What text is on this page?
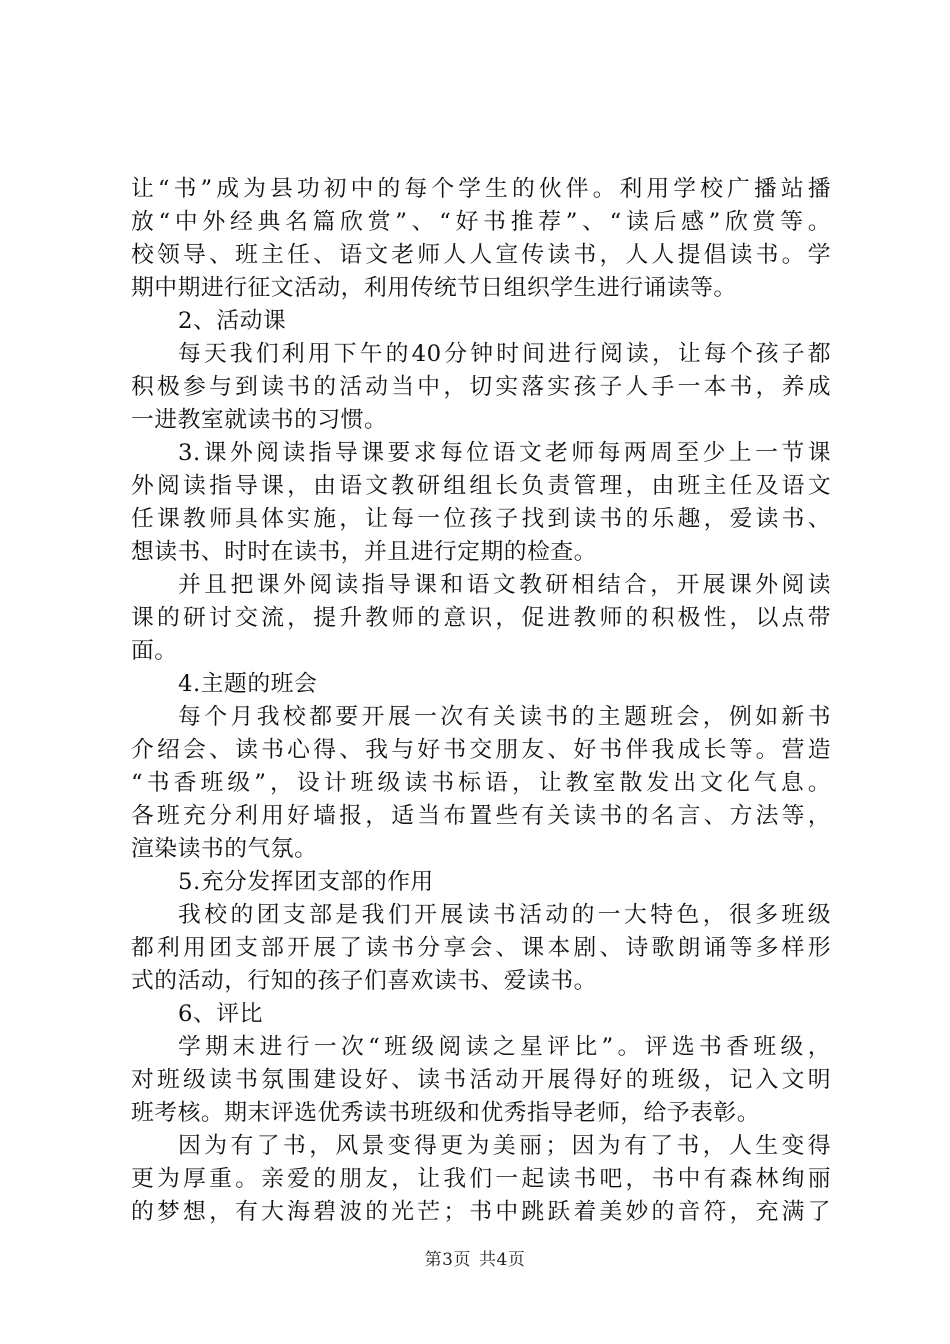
让“书”成为县功初中的每个学生的伙伴。利用学校广播站播
放“中外经典名篇欣赏”、“好书推荐”、“读后感”欣赏等。
校领导、班主任、语文老师人人宣传读书，人人提倡读书。学
期中期进行征文活动，利用传统节日组织学生进行诵读等。
2、活动课
每天我们利用下午的40分钟时间进行阅读，让每个孩子都
积极参与到读书的活动当中，切实落实孩子人手一本书，养成
一进教室就读书的习惯。
3.课外阅读指导课要求每位语文老师每两周至少上一节课
外阅读指导课，由语文教研组组长负责管理，由班主任及语文
任课教师具体实施，让每一位孩子找到读书的乐趣，爱读书、
想读书、时时在读书，并且进行定期的检查。
并且把课外阅读指导课和语文教研相结合，开展课外阅读
课的研讨交流，提升教师的意识，促进教师的积极性，以点带
面。
4.主题的班会
每个月我校都要开展一次有关读书的主题班会，例如新书
介绍会、读书心得、我与好书交朋友、好书伴我成长等。营造
“书香班级”，设计班级读书标语，让教室散发出文化气息。
各班充分利用好墙报，适当布置些有关读书的名言、方法等，
渲染读书的气氛。
5.充分发挥团支部的作用
我校的团支部是我们开展读书活动的一大特色，很多班级
都利用团支部开展了读书分享会、课本剧、诗歌朗诵等多样形
式的活动，行知的孩子们喜欢读书、爱读书。
6、评比
学期末进行一次“班级阅读之星评比”。评选书香班级，
对班级读书氛围建设好、读书活动开展得好的班级，记入文明
班考核。期末评选优秀读书班级和优秀指导老师，给予表彰。
因为有了书，风景变得更为美丽；因为有了书，人生变得
更为厚重。亲爱的朋友，让我们一起读书吧，书中有森林绚丽
的梦想，有大海碧波的光芒；书中跳跃着美妙的音符，充满了
第3页 共4页
